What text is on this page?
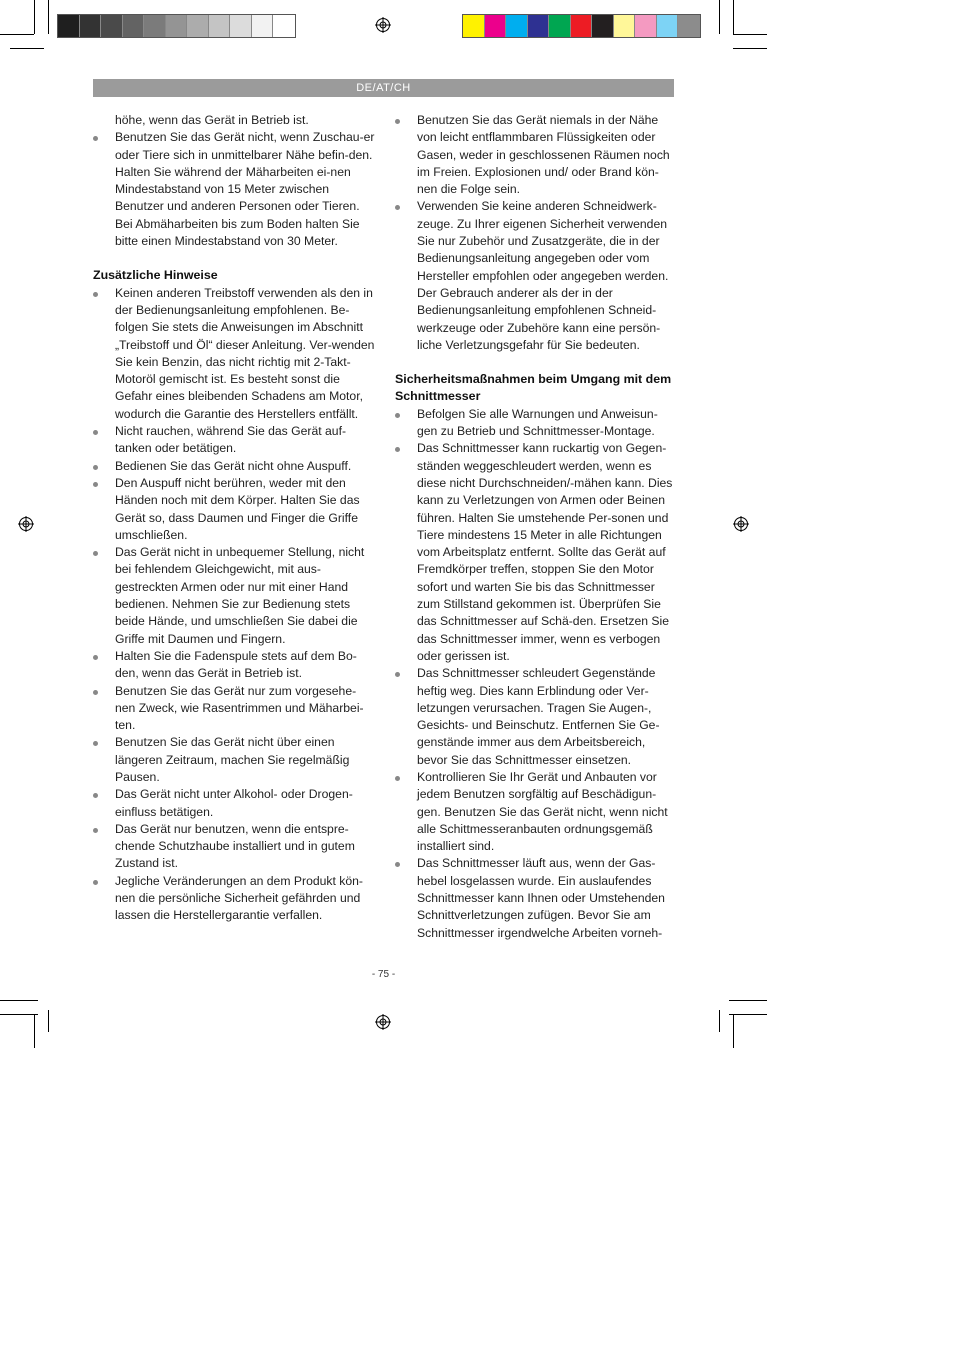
DE/AT/CH

höhe, wenn das Gerät in Betrieb ist.

Benutzen Sie das Gerät nicht, wenn Zuschau-er oder Tiere sich in unmittelbarer Nähe befin-den. Halten Sie während der Mäharbeiten ei-nen Mindestabstand von 15 Meter zwischen Benutzer und anderen Personen oder Tieren. Bei Abmäharbeiten bis zum Boden halten Sie bitte einen Mindestabstand von 30 Meter.
Zusätzliche Hinweise
Keinen anderen Treibstoff verwenden als den in der Bedienungsanleitung empfohlenen. Be-folgen Sie stets die Anweisungen im Abschnitt „Treibstoff und Öl“ dieser Anleitung. Ver-wenden Sie kein Benzin, das nicht richtig mit 2-Takt-Motoröl gemischt ist. Es besteht sonst die Gefahr eines bleibenden Schadens am Motor, wodurch die Garantie des Herstellers entfällt.
Nicht rauchen, während Sie das Gerät auf-tanken oder betätigen.
Bedienen Sie das Gerät nicht ohne Auspuff.
Den Auspuff nicht berühren, weder mit den Händen noch mit dem Körper. Halten Sie das Gerät so, dass Daumen und Finger die Griffe umschließen.
Das Gerät nicht in unbequemer Stellung, nicht bei fehlendem Gleichgewicht, mit aus-gestreckten Armen oder nur mit einer Hand bedienen. Nehmen Sie zur Bedienung stets beide Hände, und umschließen Sie dabei die Griffe mit Daumen und Fingern.
Halten Sie die Fadenspule stets auf dem Bo-den, wenn das Gerät in Betrieb ist.
Benutzen Sie das Gerät nur zum vorgesehe-nen Zweck, wie Rasentrimmen und Mäharbei-ten.
Benutzen Sie das Gerät nicht über einen längeren Zeitraum, machen Sie regelmäßig Pausen.
Das Gerät nicht unter Alkohol- oder Drogen-einfluss betätigen.
Das Gerät nur benutzen, wenn die entspre-chende Schutzhaube installiert und in gutem Zustand ist.
Jegliche Veränderungen an dem Produkt kön-nen die persönliche Sicherheit gefährden und lassen die Herstellergarantie verfallen.
Benutzen Sie das Gerät niemals in der Nähe von leicht entflammbaren Flüssigkeiten oder Gasen, weder in geschlossenen Räumen noch im Freien. Explosionen und/ oder Brand kön-nen die Folge sein.
Verwenden Sie keine anderen Schneidwerk-zeuge. Zu Ihrer eigenen Sicherheit verwenden Sie nur Zubehör und Zusatzgeräte, die in der Bedienungsanleitung angegeben oder vom Hersteller empfohlen oder angegeben werden. Der Gebrauch anderer als der in der Bedienungsanleitung empfohlenen Schneid-werkzeuge oder Zubehöre kann eine persön-liche Verletzungsgefahr für Sie bedeuten.
Sicherheitsmaßnahmen beim Umgang mit dem Schnittmesser
Befolgen Sie alle Warnungen und Anweisun-gen zu Betrieb und Schnittmesser-Montage.
Das Schnittmesser kann ruckartig von Gegen-ständen weggeschleudert werden, wenn es diese nicht Durchschneiden/-mähen kann. Dies kann zu Verletzungen von Armen oder Beinen führen. Halten Sie umstehende Per-sonen und Tiere mindestens 15 Meter in alle Richtungen vom Arbeitsplatz entfernt. Sollte das Gerät auf Fremdkörper treffen, stoppen Sie den Motor sofort und warten Sie bis das Schnittmesser zum Stillstand gekommen ist. Überprüfen Sie das Schnittmesser auf Schä-den. Ersetzen Sie das Schnittmesser immer, wenn es verbogen oder gerissen ist.
Das Schnittmesser schleudert Gegenstände heftig weg. Dies kann Erblindung oder Ver-letzungen verursachen. Tragen Sie Augen-, Gesichts- und Beinschutz. Entfernen Sie Ge-genstände immer aus dem Arbeitsbereich, bevor Sie das Schnittmesser einsetzen.
Kontrollieren Sie Ihr Gerät und Anbauten vor jedem Benutzen sorgfältig auf Beschädigun-gen. Benutzen Sie das Gerät nicht, wenn nicht alle Schittmesseranbauten ordnungsgemäß installiert sind.
Das Schnittmesser läuft aus, wenn der Gas-hebel losgelassen wurde. Ein auslaufendes Schnittmesser kann Ihnen oder Umstehenden Schnittverletzungen zufügen. Bevor Sie am Schnittmesser irgendwelche Arbeiten vorneh-
- 75 -
